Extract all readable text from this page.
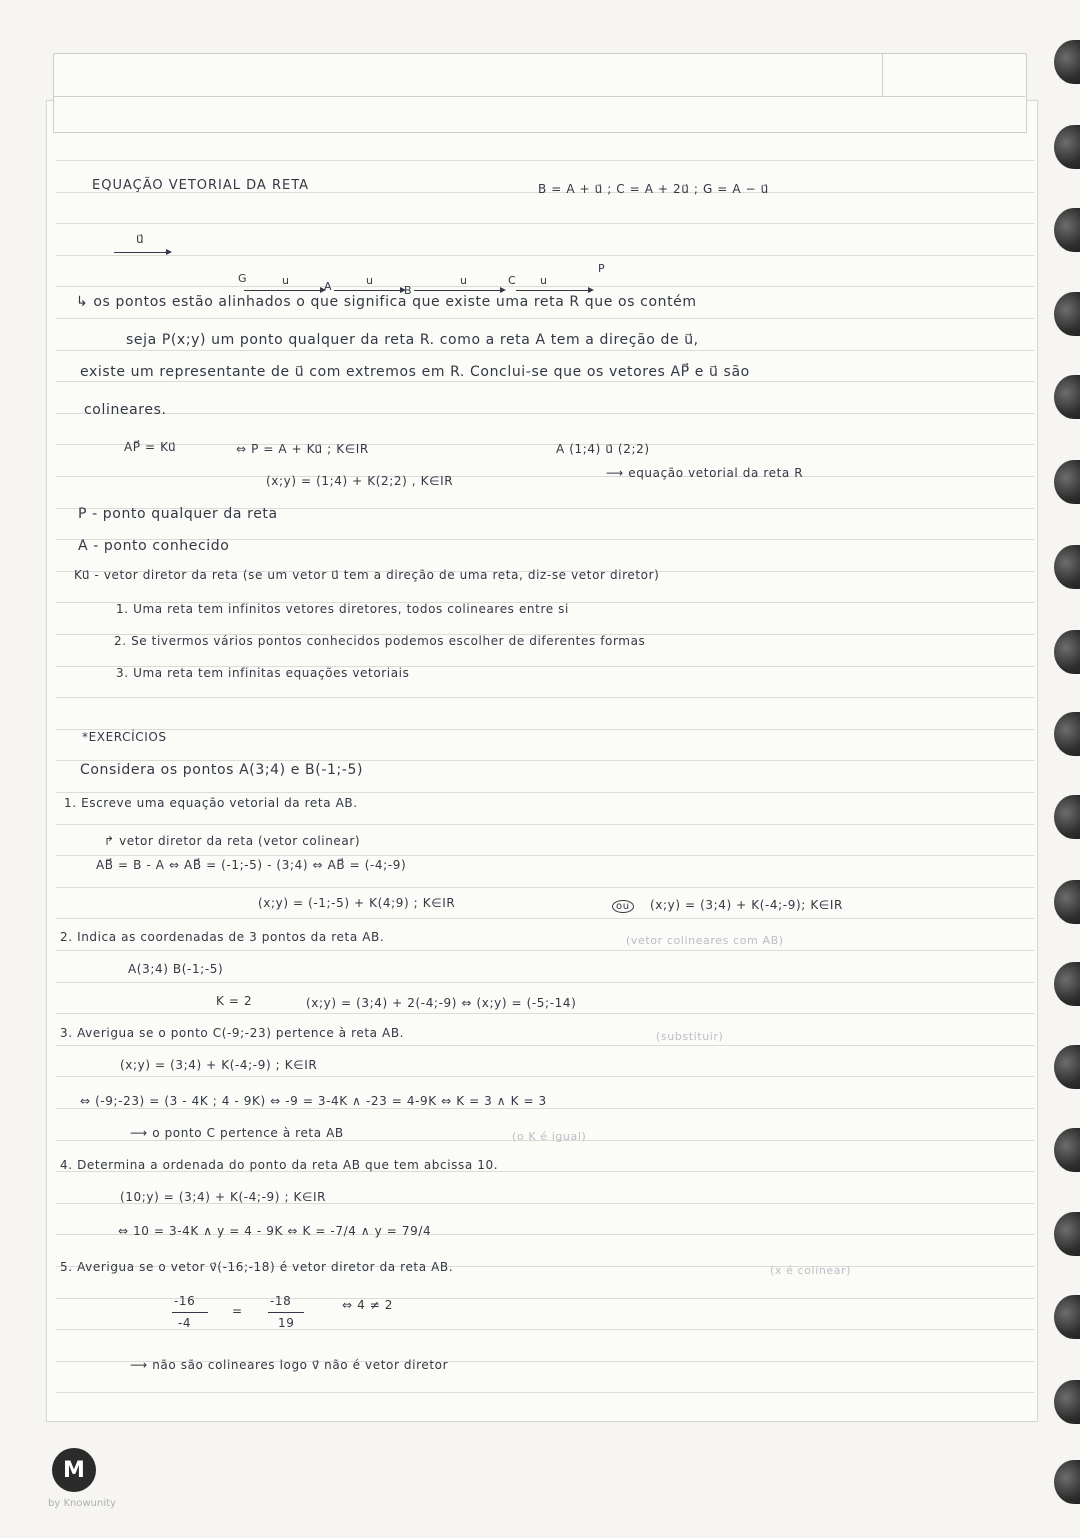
EQUAÇÃO VETORIAL DA RETA	B = A + u⃗ ; C = A + 2u⃗ ; G = A − u⃗
u⃗
G
A	B
C
P
u	u	u	u
↳ os pontos estão alinhados o que significa que existe uma reta R que os contém
seja P(x;y) um ponto qualquer da reta R. como a reta A tem a direção de u⃗,
existe um representante de u⃗ com extremos em R. Conclui-se que os vetores AP⃗ e u⃗ são
colineares.
AP⃗ = Ku⃗	⇔ P = A + Ku⃗ ; K∈IR	A (1;4) u⃗ (2;2)
(x;y) = (1;4) + K(2;2) , K∈IR
⟶ equação vetorial da reta R
P - ponto qualquer da reta
A - ponto conhecido
Ku⃗ - vetor diretor da reta (se um vetor u⃗ tem a direção de uma reta, diz-se vetor diretor)
1. Uma reta tem infinitos vetores diretores, todos colineares entre si
2. Se tivermos vários pontos conhecidos podemos escolher de diferentes formas
3. Uma reta tem infinitas equações vetoriais
*EXERCÍCIOS
Considera os pontos A(3;4) e B(-1;-5)
1. Escreve uma equação vetorial da reta AB.
↱ vetor diretor da reta (vetor colinear)
AB⃗ = B - A ⇔ AB⃗ = (-1;-5) - (3;4) ⇔ AB⃗ = (-4;-9)
(x;y) = (-1;-5) + K(4;9) ; K∈IR	ou	(x;y) = (3;4) + K(-4;-9); K∈IR
2. Indica as coordenadas de 3 pontos da reta AB.	(vetor colineares com AB)
A(3;4) B(-1;-5)
K = 2	(x;y) = (3;4) + 2(-4;-9) ⇔ (x;y) = (-5;-14)
3. Averigua se o ponto C(-9;-23) pertence à reta AB.	(substituir)
(x;y) = (3;4) + K(-4;-9) ; K∈IR
⇔ (-9;-23) = (3 - 4K ; 4 - 9K) ⇔ -9 = 3-4K ∧ -23 = 4-9K ⇔ K = 3 ∧ K = 3
⟶ o ponto C pertence à reta AB	(o K é igual)
4. Determina a ordenada do ponto da reta AB que tem abcissa 10.
(10;y) = (3;4) + K(-4;-9) ; K∈IR
⇔ 10 = 3-4K ∧ y = 4 - 9K ⇔ K = -7/4 ∧ y = 79/4
5. Averigua se o vetor v⃗(-16;-18) é vetor diretor da reta AB.	(x é colinear)
-16
-4
=
-18
19
⇔ 4 ≠ 2
⟶ não são colineares logo v⃗ não é vetor diretor
M
by Knowunity
